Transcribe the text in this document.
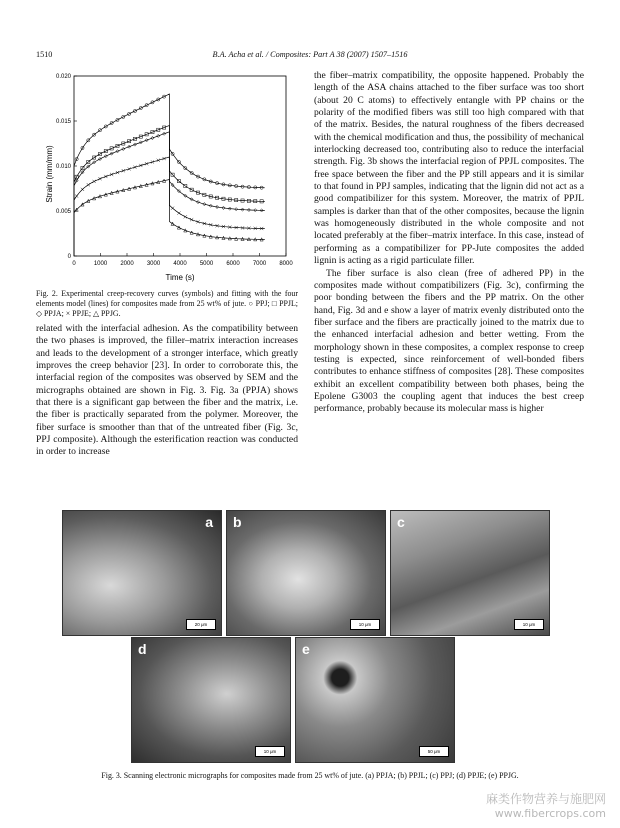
1510	B.A. Acha et al. / Composites: Part A 38 (2007) 1507–1516
0	1000 2000 3000 4000 5000 6000 7000 8000
0
0.005
0.010
0.015
0.020
Strain (mm/mm)
Time (s)
Fig. 2. Experimental creep-recovery curves (symbols) and fitting with the four elements model (lines) for composites made from 25 wt% of jute. ○ PPJ; □ PPJL; ◇ PPJA; × PPJE; △ PPJG.

related with the interfacial adhesion. As the compatibility between the two phases is improved, the filler–matrix interaction increases and leads to the development of a stronger interface, which greatly improves the creep behavior [23]. In order to corroborate this, the interfacial region of the composites was observed by SEM and the micrographs obtained are shown in Fig. 3. Fig. 3a (PPJA) shows that there is a significant gap between the fiber and the matrix, i.e. the fiber is practically separated from the polymer. Moreover, the fiber surface is smoother than that of the untreated fiber (Fig. 3c, PPJ composite). Although the esterification reaction was conducted in order to increase

the fiber–matrix compatibility, the opposite happened. Probably the length of the ASA chains attached to the fiber surface was too short (about 20 C atoms) to effectively entangle with PP chains or the polarity of the modified fibers was still too high compared with that of the matrix. Besides, the natural roughness of the fibers decreased with the chemical modification and thus, the possibility of mechanical interlocking decreased too, contributing also to reduce the interfacial strength. Fig. 3b shows the interfacial region of PPJL composites. The free space between the fiber and the PP still appears and it is similar to that found in PPJ samples, indicating that the lignin did not act as a good compatibilizer for this system. Moreover, the matrix of PPJL samples is darker than that of the other composites, because the lignin was homogeneously distributed in the whole composite and not located preferably at the fiber–matrix interface. In this case, instead of performing as a compatibilizer for PP-Jute composites the added lignin is acting as a rigid particulate filler.

The fiber surface is also clean (free of adhered PP) in the composites made without compatibilizers (Fig. 3c), confirming the poor bonding between the fibers and the PP matrix. On the other hand, Fig. 3d and e show a layer of matrix evenly distributed onto the fiber surface and the fibers are practically joined to the matrix due to the enhanced interfacial adhesion and better wetting. From the morphology shown in these composites, a complex response to creep testing is expected, since reinforcement of well-bonded fibers contributes to enhance stiffness of composites [28]. These composites exhibit an excellent compatibility between both phases, being the Epolene G3003 the coupling agent that induces the best creep performance, probably because its molecular mass is higher

a
20 μm
b
10 μm
c
10 μm
d
10 μm
e
50 μm
Fig. 3. Scanning electronic micrographs for composites made from 25 wt% of jute. (a) PPJA; (b) PPJL; (c) PPJ; (d) PPJE; (e) PPJG.
麻类作物营养与施肥网
www.fibercrops.com
